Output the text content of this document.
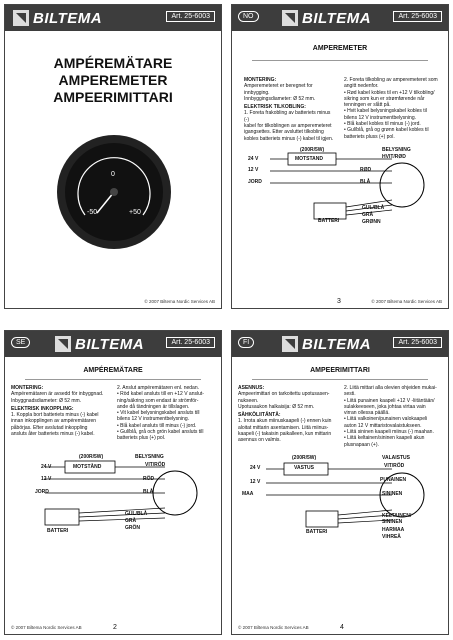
BILTEMA	Art. 25-6003
AMPÉREMÄTARE
AMPEREMETER
AMPEERIMITTARI
0
-50	+50
© 2007 Biltema Nordic Services AB
NO	BILTEMA	Art. 25-6003
AMPEREMETER
MONTERING:
Amperemeteret er beregnet for innbygging.
Innbyggingsdiameter: Ø 52 mm.
ELEKTRISK TILKOBLING:
1. Foreta frakobling av batteriets minus (-)
kabel for tilkoblingen av amperemeteret
igangsettes. Etter avsluttet tilkobling
kobles batteriets minus (-) kabel til igjen.
2. Foreta tilkobling av amperemeteret som
angitt nedenfor.
• Rød kabel kobles til en +12 V tilkobling/
sikring som kun er strømførende når
tenningen er slått på.
• Hvit kabel belysningskabel kobles til
bilens 12 V instrumentbelysning.
• Blå kabel kobles til minus (-) jord.
• Gul/blå, grå og grønn kabel kobles til
batteriets pluss (+) pol.
(200R/5W)
MOTSTAND
24 V
12 V
JORD
BELYSNING
HVIT/RØD
RØD
BLÅ
GUL/BLÅ
GRÅ
GRØNN
BATTERI
3	© 2007 Biltema Nordic Services AB
SE	BILTEMA	Art. 25-6003
AMPÉREMÄTARE
MONTERING:
Ampéremätaren är avsedd för inbyggnad.
Inbyggnadsdiameter: Ø 52 mm.
ELEKTRISK INKOPPLING:
1. Koppla bort batteriets minus (-) kabel
innan inkopplingen av ampéremätaren
påbörjas. Efter avslutad inkoppling
ansluts åter batteriets minus (-) kabel.
2. Anslut ampéremätaren enl. nedan.
• Röd kabel ansluts till en +12 V anslut-
ning/säkring som endast är strömför-
ande då tändningen är tillslagen.
• Vit kabel belysningskabel ansluts till
bilens 12 V instrumentbelysning.
• Blå kabel ansluts till minus (-) jord.
• Gul/blå, grå och grön kabel ansluts till
batteriets plus (+) pol.
(200R/5W)
MOTSTÅND
24 V
12 V
JORD
BELYSNING
VIT/RÖD
RÖD
BLÅ
GUL/BLÅ
GRÅ
GRÖN
BATTERI
2
© 2007 Biltema Nordic Services AB
FI	BILTEMA	Art. 25-6003
AMPEERIMITTARI
ASENNUS:
Ampeerimittari on tarkoitettu upotusasen-
nukseen.
Upotusaukon halkaisija: Ø 52 mm.
SÄHKÖLIITÄNTÄ:
1. Irrota akun miinuskaapeli (-) ennen kuin
aloitat mittarin asentamisen. Liitä miinus-
kaapeli (-) takaisin paikalleen, kun mittarin
asennus on valmis.
2. Liitä mittari alla olevien ohjeiden mukai-
sesti.
• Liitä punainen kaapeli +12 V -liitäntään/
sulakkeeseen, joka johtaa virtaa vain
virran ollessa päällä.
• Liitä valkoinen/punainen valokaapeli
auton 12 V mittaristovalaistukseen.
• Liitä sininen kaapeli miinus (-) maahan.
• Liitä keltainen/sininen kaapeli akun
plusnapaan (+).
(200R/5W)
VASTUS
24 V
12 V
MAA
VALAISTUS
VIT/RÖD
PUNAINEN
SININEN
KELTAINEN/ SININEN
HARMAA
VIHREÄ
BATTERI
4
© 2007 Biltema Nordic Services AB
